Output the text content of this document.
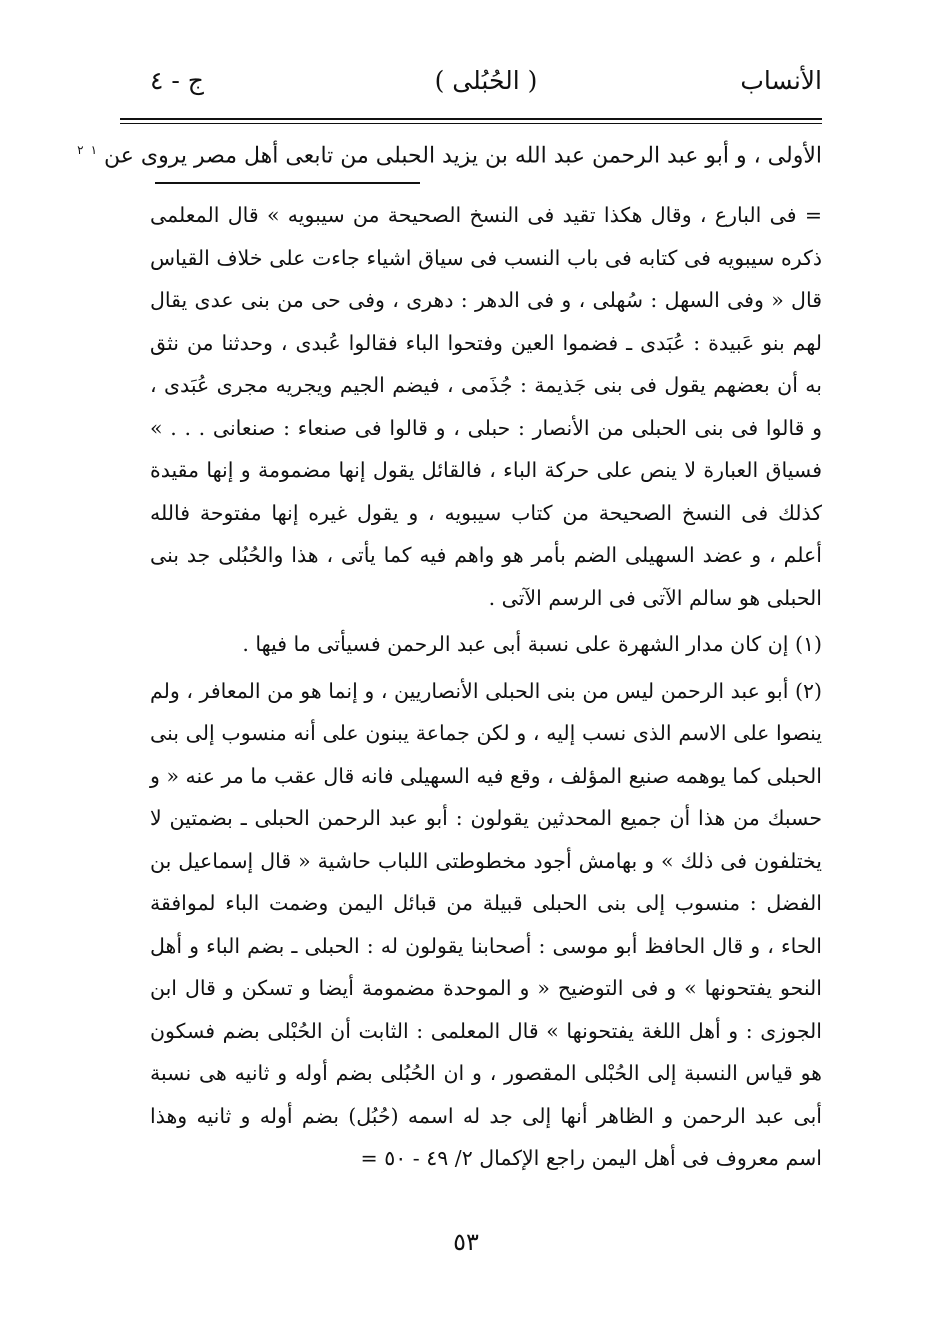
الأنساب
( الحُبُلى )
ج - ٤
الأولى ، و أبو عبد الرحمن عبد الله بن يزيد الحبلى من تابعى أهل مصر يروى عن $^١$ $^٢$

= فى البارع ، وقال هكذا تقيد فى النسخ الصحيحة من سيبويه » قال المعلمى ذكره سيبويه فى كتابه فى باب النسب فى سياق اشياء جاءت على خلاف القياس قال « وفى السهل : سُهلى ، و فى الدهر : دهرى ، وفى حى من بنى عدى يقال لهم بنو عَبيدة : عُبَدى ـ فضموا العين وفتحوا الباء فقالوا عُبدى ، وحدثنا من نثق به أن بعضهم يقول فى بنى جَذيمة : جُذَمى ، فيضم الجيم ويجريه مجرى عُبَدى ، و قالوا فى بنى الحبلى من الأنصار : حبلى ، و قالوا فى صنعاء : صنعانى . . . » فسياق العبارة لا ينص على حركة الباء ، فالقائل يقول إنها مضمومة و إنها مقيدة كذلك فى النسخ الصحيحة من كتاب سيبويه ، و يقول غيره إنها مفتوحة فالله أعلم ، و عضد السهيلى الضم بأمر هو واهم فيه كما يأتى ، هذا والحُبُلى جد بنى الحبلى هو سالم الآتى فى الرسم الآتى .

(١) إن كان مدار الشهرة على نسبة أبى عبد الرحمن فسيأتى ما فيها .

(٢) أبو عبد الرحمن ليس من بنى الحبلى الأنصاريين ، و إنما هو من المعافر ، ولم ينصوا على الاسم الذى نسب إليه ، و لكن جماعة يبنون على أنه منسوب إلى بنى الحبلى كما يوهمه صنيع المؤلف ، وقع فيه السهيلى فانه قال عقب ما مر عنه « و حسبك من هذا أن جميع المحدثين يقولون : أبو عبد الرحمن الحبلى ـ بضمتين لا يختلفون فى ذلك » و بهامش أجود مخطوطتى اللباب حاشية « قال إسماعيل بن الفضل : منسوب إلى بنى الحبلى قبيلة من قبائل اليمن وضمت الباء لموافقة الحاء ، و قال الحافظ أبو موسى : أصحابنا يقولون له : الحبلى ـ بضم الباء و أهل النحو يفتحونها » و فى التوضيح « و الموحدة مضمومة أيضا و تسكن و قال ابن الجوزى : و أهل اللغة يفتحونها » قال المعلمى : الثابت أن الحُبْلى بضم فسكون هو قياس النسبة إلى الحُبْلى المقصور ، و ان الحُبُلى بضم أوله و ثانيه هى نسبة أبى عبد الرحمن و الظاهر أنها إلى جد له اسمه (حُبُل) بضم أوله و ثانيه وهذا اسم معروف فى أهل اليمن راجع الإكمال ٢/ ٤٩ - ٥٠ =

٥٣
